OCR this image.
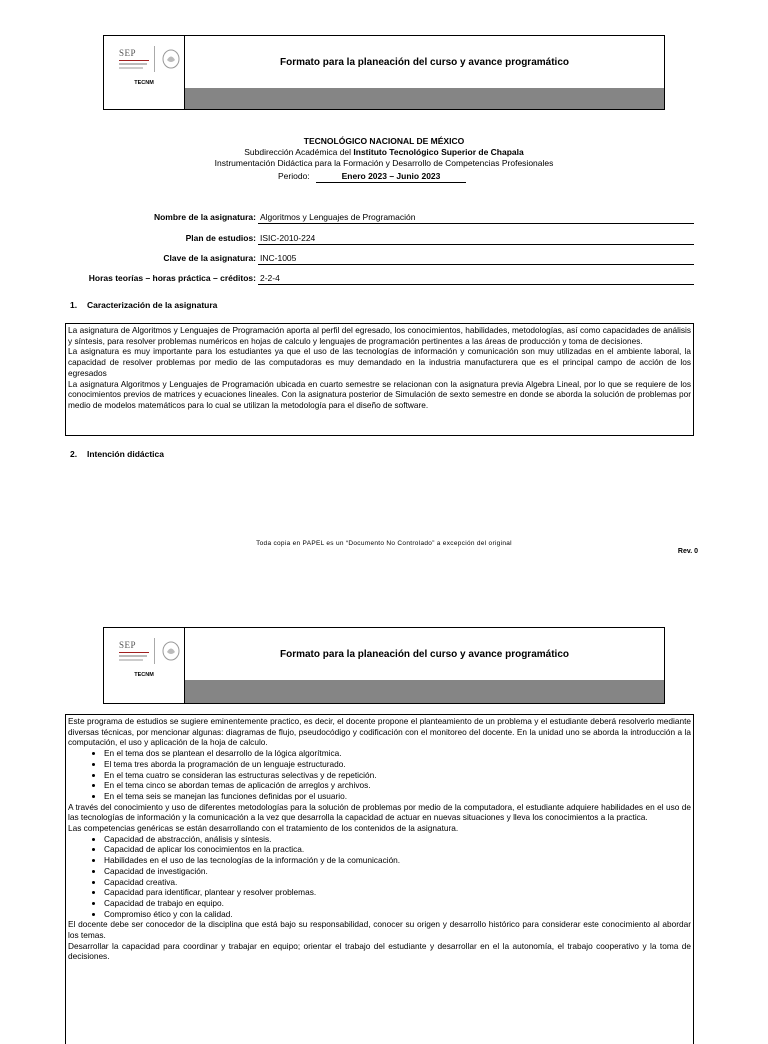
SEP
TECNM
Formato para la planeación del curso y avance programático
TECNOLÓGICO NACIONAL DE MÉXICO
Subdirección Académica del Instituto Tecnológico Superior de Chapala
Instrumentación Didáctica para la Formación y Desarrollo de Competencias Profesionales
Periodo:	Enero 2023 – Junio 2023
Nombre de la asignatura: Algoritmos y Lenguajes de Programación
Plan de estudios: ISIC-2010-224
Clave de la asignatura: INC-1005
Horas teorías – horas práctica – créditos: 2-2-4
1. Caracterización de la asignatura

La asignatura de Algoritmos y Lenguajes de Programación aporta al perfil del egresado, los conocimientos, habilidades, metodologías, así como capacidades de análisis y síntesis, para resolver problemas numéricos en hojas de calculo y lenguajes de programación pertinentes a las áreas de producción y toma de decisiones.

La asignatura es muy importante para los estudiantes ya que el uso de las tecnologías de información y comunicación son muy utilizadas en el ambiente laboral, la capacidad de resolver problemas por medio de las computadoras es muy demandado en la industria manufacturera que es el principal campo de acción de los egresados

La asignatura Algoritmos y Lenguajes de Programación ubicada en cuarto semestre se relacionan con la asignatura previa Algebra Lineal, por lo que se requiere de los conocimientos previos de matrices y ecuaciones lineales. Con la asignatura posterior de Simulación de sexto semestre en donde se aborda la solución de problemas por medio de modelos matemáticos para lo cual se utilizan la metodología para el diseño de software.

2. Intención didáctica
Toda copia en PAPEL es un “Documento No Controlado” a excepción del original
Rev. 0
SEP
TECNM
Formato para la planeación del curso y avance programático

Este programa de estudios se sugiere eminentemente practico, es decir, el docente propone el planteamiento de un problema y el estudiante deberá resolverlo mediante diversas técnicas, por mencionar algunas: diagramas de flujo, pseudocódigo y codificación con el monitoreo del docente. En la unidad uno se aborda la introducción a la computación, el uso y aplicación de la hoja de calculo.

• En el tema dos se plantean el desarrollo de la lógica algorítmica.
• El tema tres aborda la programación de un lenguaje estructurado.
• En el tema cuatro se consideran las estructuras selectivas y de repetición.
• En el tema cinco se abordan temas de aplicación de arreglos y archivos.
• En el tema seis se manejan las funciones definidas por el usuario.

A través del conocimiento y uso de diferentes metodologías para la solución de problemas por medio de la computadora, el estudiante adquiere habilidades en el uso de las tecnologías de información y la comunicación a la vez que desarrolla la capacidad de actuar en nuevas situaciones y lleva los conocimientos a la practica.

Las competencias genéricas se están desarrollando con el tratamiento de los contenidos de la asignatura.

• Capacidad de abstracción, análisis y síntesis.
• Capacidad de aplicar los conocimientos en la practica.
• Habilidades en el uso de las tecnologías de la información y de la comunicación.
• Capacidad de investigación.
• Capacidad creativa.
• Capacidad para identificar, plantear y resolver problemas.
• Capacidad de trabajo en equipo.
• Compromiso ético y con la calidad.

El docente debe ser conocedor de la disciplina que está bajo su responsabilidad, conocer su origen y desarrollo histórico para considerar este conocimiento al abordar los temas.

Desarrollar la capacidad para coordinar y trabajar en equipo; orientar el trabajo del estudiante y desarrollar en el la autonomía, el trabajo cooperativo y la toma de decisiones.
